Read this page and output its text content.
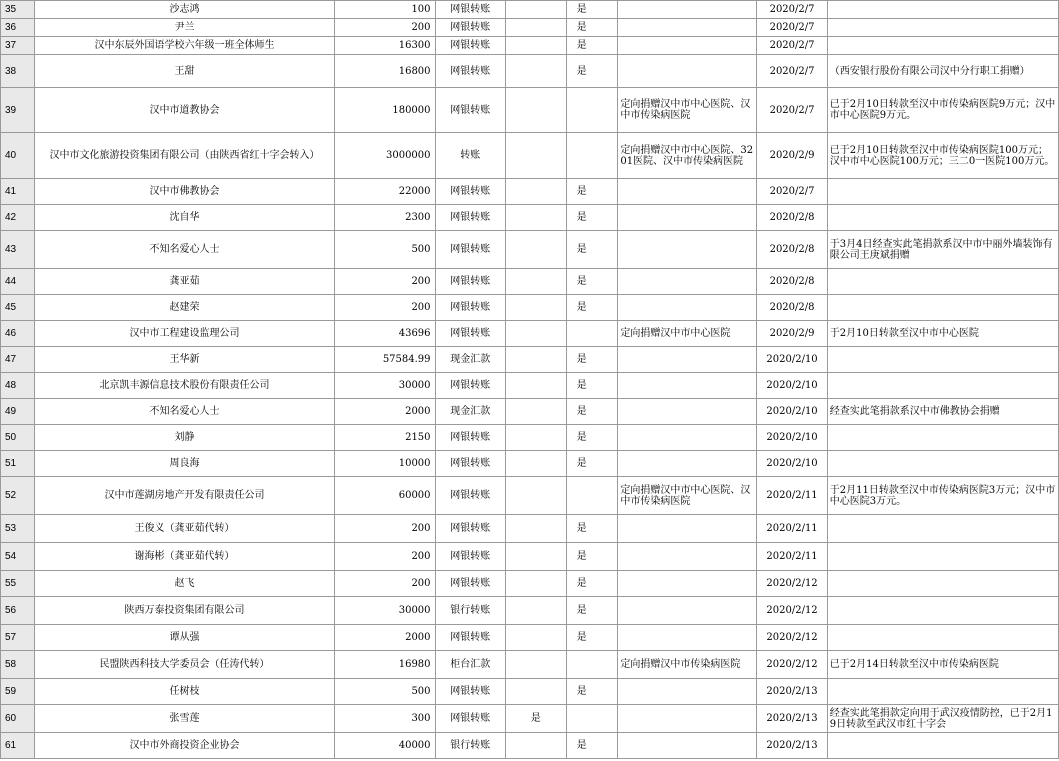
35	沙志鸿	100	网银转账		是		2020/2/7	
36	尹兰	200	网银转账		是		2020/2/7	
37	汉中东辰外国语学校六年级一班全体师生	16300	网银转账		是		2020/2/7	
38	王甜	16800	网银转账		是		2020/2/7	（西安银行股份有限公司汉中分行职工捐赠）
39	汉中市道教协会	180000	网银转账			定向捐赠汉中市中心医院、汉中市传染病医院	2020/2/7	已于2月10日转款至汉中市传染病医院9万元；汉中市中心医院9万元。
40	汉中市文化旅游投资集团有限公司（由陕西省红十字会转入）	3000000	转账			定向捐赠汉中市中心医院、3201医院、汉中市传染病医院	2020/2/9	已于2月10日转款至汉中市传染病医院100万元；汉中市中心医院100万元；三二0一医院100万元。
41	汉中市佛教协会	22000	网银转账		是		2020/2/7	
42	沈自华	2300	网银转账		是		2020/2/8	
43	不知名爱心人士	500	网银转账		是		2020/2/8	于3月4日经查实此笔捐款系汉中市中丽外墙装饰有限公司王庚斌捐赠
44	龚亚茹	200	网银转账		是		2020/2/8	
45	赵建荣	200	网银转账		是		2020/2/8	
46	汉中市工程建设监理公司	43696	网银转账			定向捐赠汉中市中心医院	2020/2/9	于2月10日转款至汉中市中心医院
47	王华新	57584.99	现金汇款		是		2020/2/10	
48	北京凯丰源信息技术股份有限责任公司	30000	网银转账		是		2020/2/10	
49	不知名爱心人士	2000	现金汇款		是		2020/2/10	经查实此笔捐款系汉中市佛教协会捐赠
50	刘静	2150	网银转账		是		2020/2/10	
51	周良海	10000	网银转账		是		2020/2/10	
52	汉中市莲湖房地产开发有限责任公司	60000	网银转账			定向捐赠汉中市中心医院、汉中市传染病医院	2020/2/11	于2月11日转款至汉中市传染病医院3万元；汉中市中心医院3万元。
53	王俊义（龚亚茹代转）	200	网银转账		是		2020/2/11	
54	谢海彬（龚亚茹代转）	200	网银转账		是		2020/2/11	
55	赵飞	200	网银转账		是		2020/2/12	
56	陕西万泰投资集团有限公司	30000	银行转账		是		2020/2/12	
57	谭从强	2000	网银转账		是		2020/2/12	
58	民盟陕西科技大学委员会（任涛代转）	16980	柜台汇款			定向捐赠汉中市传染病医院	2020/2/12	已于2月14日转款至汉中市传染病医院
59	任树枝	500	网银转账		是		2020/2/13	
60	张雪莲	300	网银转账	是			2020/2/13	经查实此笔捐款定向用于武汉疫情防控，已于2月19日转款至武汉市红十字会
61	汉中市外商投资企业协会	40000	银行转账		是		2020/2/13	
